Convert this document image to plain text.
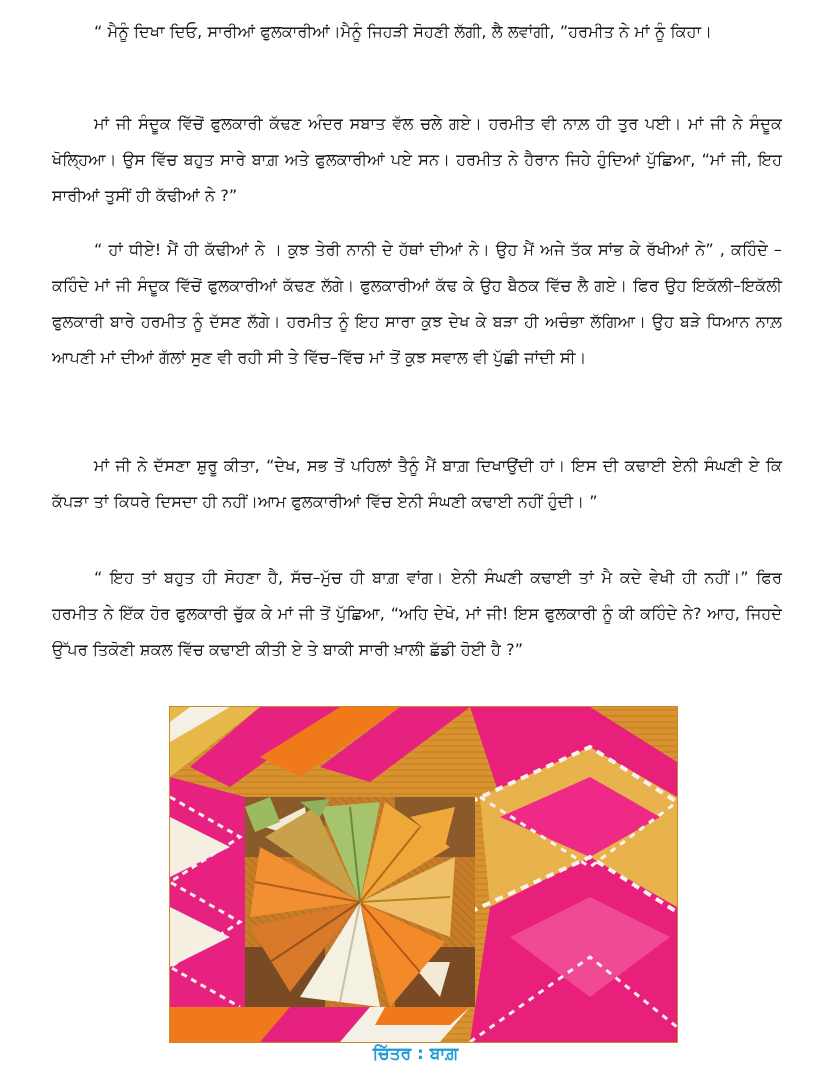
“ ਮੈਨੂੰ ਦਿਖਾ ਦਿਓ, ਸਾਰੀਆਂ ਫੁਲਕਾਰੀਆਂ।ਮੈਨੂੰ ਜਿਹੜੀ ਸੋਹਣੀ ਲੱਗੀ, ਲੈ ਲਵਾਂਗੀ, ”ਹਰਮੀਤ ਨੇ ਮਾਂ ਨੂੰ ਕਿਹਾ।

ਮਾਂ ਜੀ ਸੰਦੂਕ ਵਿੱਚੋਂ ਫੁਲਕਾਰੀ ਕੱਢਣ ਅੰਦਰ ਸਬਾਤ ਵੱਲ ਚਲੇ ਗਏ। ਹਰਮੀਤ ਵੀ ਨਾਲ਼ ਹੀ ਤੁਰ ਪਈ। ਮਾਂ ਜੀ ਨੇ ਸੰਦੂਕ ਖੋਲ੍ਹਿਆ। ਉਸ ਵਿੱਚ ਬਹੁਤ ਸਾਰੇ ਬਾਗ਼ ਅਤੇ ਫੁਲਕਾਰੀਆਂ ਪਏ ਸਨ। ਹਰਮੀਤ ਨੇ ਹੈਰਾਨ ਜਿਹੇ ਹੁੰਦਿਆਂ ਪੁੱਛਿਆ, “ਮਾਂ ਜੀ, ਇਹ ਸਾਰੀਆਂ ਤੁਸੀਂ ਹੀ ਕੱਢੀਆਂ ਨੇ ?”

“ ਹਾਂ ਧੀਏ! ਮੈਂ ਹੀ ਕੱਢੀਆਂ ਨੇ । ਕੁਝ ਤੇਰੀ ਨਾਨੀ ਦੇ ਹੱਥਾਂ ਦੀਆਂ ਨੇ। ਉਹ ਮੈਂ ਅਜੇ ਤੱਕ ਸਾਂਭ ਕੇ ਰੱਖੀਆਂ ਨੇ” , ਕਹਿੰਦੇ – ਕਹਿੰਦੇ ਮਾਂ ਜੀ ਸੰਦੂਕ ਵਿੱਚੋਂ ਫੁਲਕਾਰੀਆਂ ਕੱਢਣ ਲੱਗੇ। ਫੁਲਕਾਰੀਆਂ ਕੱਢ ਕੇ ਉਹ ਬੈਠਕ ਵਿੱਚ ਲੈ ਗਏ। ਫਿਰ ਉਹ ਇਕੱਲੀ–ਇਕੱਲੀ ਫੁਲਕਾਰੀ ਬਾਰੇ ਹਰਮੀਤ ਨੂੰ ਦੱਸਣ ਲੱਗੇ। ਹਰਮੀਤ ਨੂੰ ਇਹ ਸਾਰਾ ਕੁਝ ਦੇਖ ਕੇ ਬੜਾ ਹੀ ਅਚੰਭਾ ਲੱਗਿਆ। ਉਹ ਬੜੇ ਧਿਆਨ ਨਾਲ਼ ਆਪਣੀ ਮਾਂ ਦੀਆਂ ਗੱਲਾਂ ਸੁਣ ਵੀ ਰਹੀ ਸੀ ਤੇ ਵਿੱਚ–ਵਿੱਚ ਮਾਂ ਤੋਂ ਕੁਝ ਸਵਾਲ ਵੀ ਪੁੱਛੀ ਜਾਂਦੀ ਸੀ।

ਮਾਂ ਜੀ ਨੇ ਦੱਸਣਾ ਸ਼ੁਰੂ ਕੀਤਾ, “ਦੇਖ, ਸਭ ਤੋਂ ਪਹਿਲਾਂ ਤੈਨੂੰ ਮੈਂ ਬਾਗ਼ ਦਿਖਾਉਂਦੀ ਹਾਂ। ਇਸ ਦੀ ਕਢਾਈ ਏਨੀ ਸੰਘਣੀ ਏ ਕਿ ਕੱਪੜਾ ਤਾਂ ਕਿਧਰੇ ਦਿਸਦਾ ਹੀ ਨਹੀਂ।ਆਮ ਫੁਲਕਾਰੀਆਂ ਵਿੱਚ ਏਨੀ ਸੰਘਣੀ ਕਢਾਈ ਨਹੀਂ ਹੁੰਦੀ। ”

“ ਇਹ ਤਾਂ ਬਹੁਤ ਹੀ ਸੋਹਣਾ ਹੈ, ਸੱਚ–ਮੁੱਚ ਹੀ ਬਾਗ਼ ਵਾਂਗ। ਏਨੀ ਸੰਘਣੀ ਕਢਾਈ ਤਾਂ ਮੈ ਕਦੇ ਵੇਖੀ ਹੀ ਨਹੀਂ।” ਫਿਰ ਹਰਮੀਤ ਨੇ ਇੱਕ ਹੋਰ ਫੁਲਕਾਰੀ ਚੁੱਕ ਕੇ ਮਾਂ ਜੀ ਤੋਂ ਪੁੱਛਿਆ, “ਅਹਿ ਦੇਖੋ, ਮਾਂ ਜੀ! ਇਸ ਫੁਲਕਾਰੀ ਨੂੰ ਕੀ ਕਹਿੰਦੇ ਨੇ? ਆਹ, ਜਿਹਦੇ ਉੱਪਰ ਤਿਕੋਣੀ ਸ਼ਕਲ ਵਿੱਚ ਕਢਾਈ ਕੀਤੀ ਏ ਤੇ ਬਾਕੀ ਸਾਰੀ ਖ਼ਾਲੀ ਛੱਡੀ ਹੋਈ ਹੈ ?”

ਚਿੱਤਰ : ਬਾਗ਼
